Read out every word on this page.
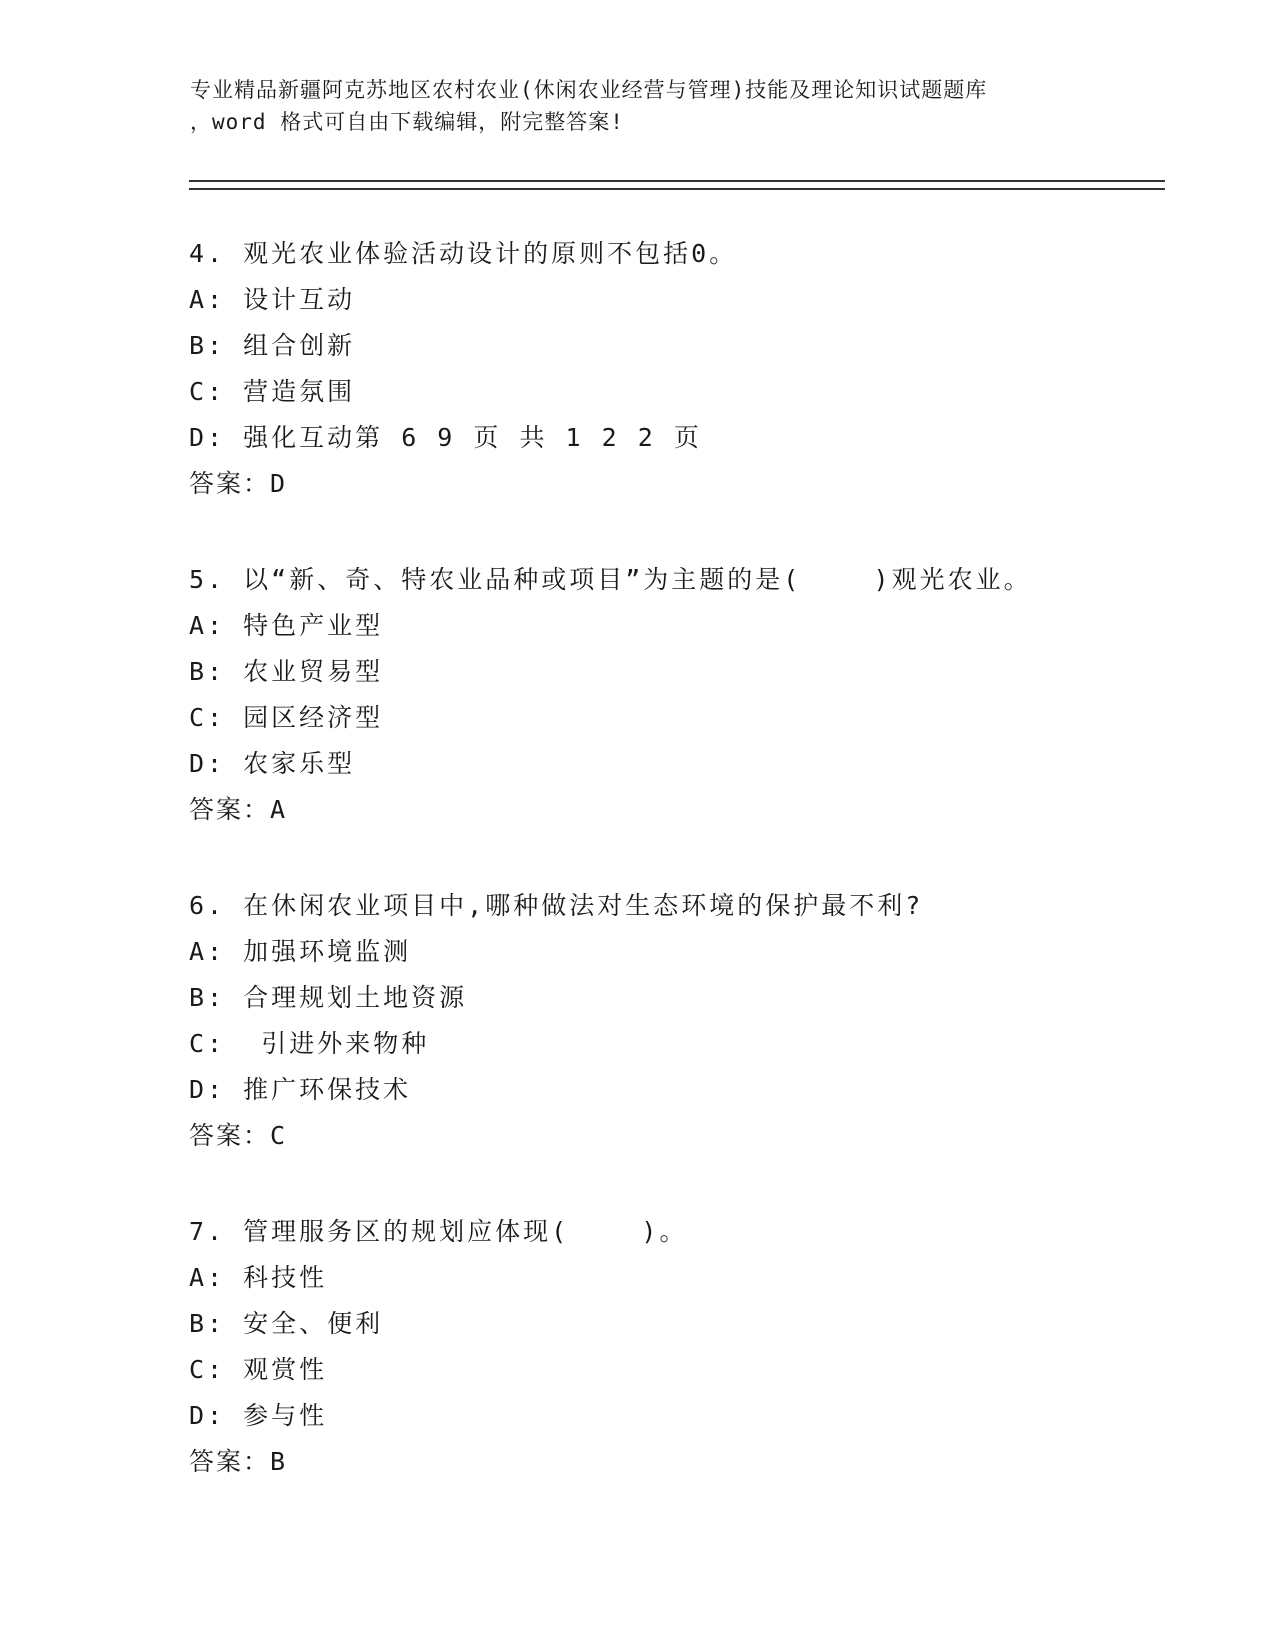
专业精品新疆阿克苏地区农村农业(休闲农业经营与管理)技能及理论知识试题题库
，word 格式可自由下载编辑，附完整答案!
4. 观光农业体验活动设计的原则不包括0。
A: 设计互动
B: 组合创新
C: 营造氛围
D: 强化互动第 6 9 页 共 1 2 2 页
答案：D
5. 以“新、奇、特农业品种或项目”为主题的是(    )观光农业。
A: 特色产业型
B: 农业贸易型
C: 园区经济型
D: 农家乐型
答案：A
6. 在休闲农业项目中,哪种做法对生态环境的保护最不利?
A: 加强环境监测
B: 合理规划土地资源
C:  引进外来物种
D: 推广环保技术
答案：C
7. 管理服务区的规划应体现(    )。
A: 科技性
B: 安全、便利
C: 观赏性
D: 参与性
答案：B
